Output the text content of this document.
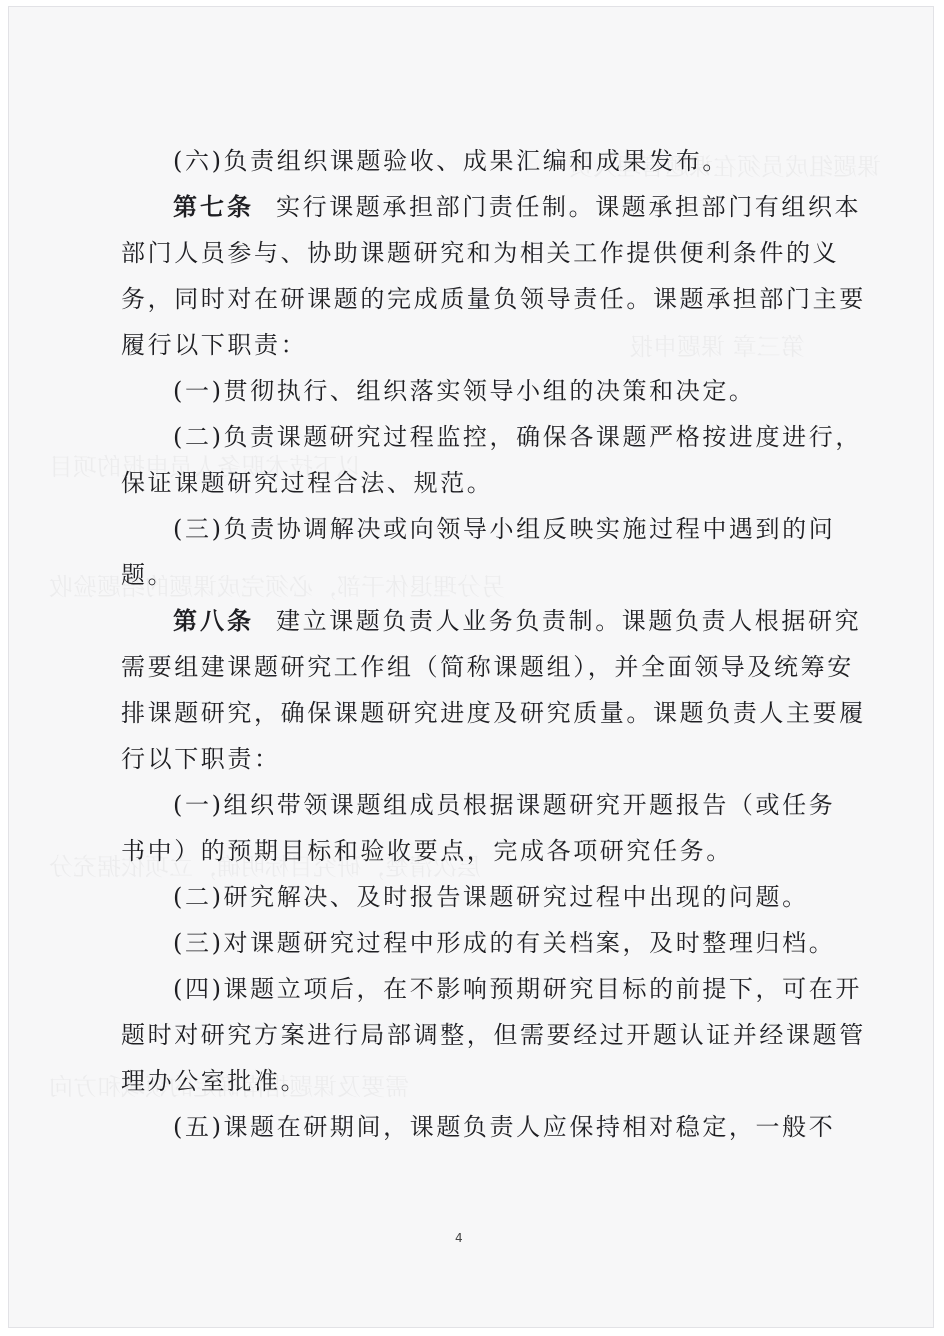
(六)负责组织课题验收、成果汇编和成果发布。
第七条 实行课题承担部门责任制。课题承担部门有组织本
部门人员参与、协助课题研究和为相关工作提供便利条件的义
务，同时对在研课题的完成质量负领导责任。课题承担部门主要
履行以下职责：
(一)贯彻执行、组织落实领导小组的决策和决定。
(二)负责课题研究过程监控，确保各课题严格按进度进行，
保证课题研究过程合法、规范。
(三)负责协调解决或向领导小组反映实施过程中遇到的问
题。
第八条 建立课题负责人业务负责制。课题负责人根据研究
需要组建课题研究工作组（简称课题组），并全面领导及统筹安
排课题研究，确保课题研究进度及研究质量。课题负责人主要履
行以下职责：
(一)组织带领课题组成员根据课题研究开题报告（或任务
书中）的预期目标和验收要点，完成各项研究任务。
(二)研究解决、及时报告课题研究过程中出现的问题。
(三)对课题研究过程中形成的有关档案，及时整理归档。
(四)课题立项后，在不影响预期研究目标的前提下，可在开
题时对研究方案进行局部调整，但需要经过开题认证并经课题管
理办公室批准。
(五)课题在研期间，课题负责人应保持相对稳定，一般不
4
